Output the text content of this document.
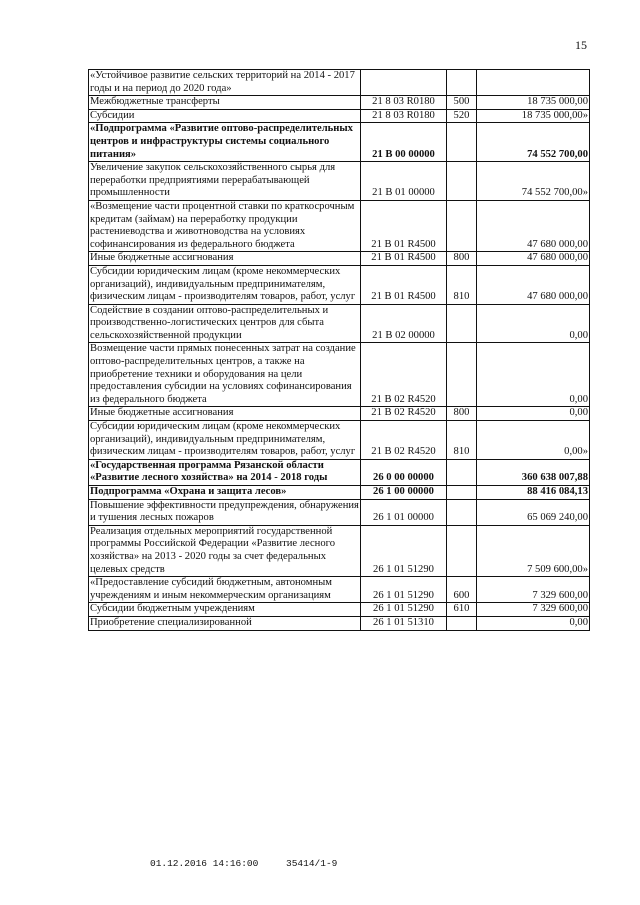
15
«Устойчивое развитие сельских территорий на 2014 - 2017 годы и на период до 2020 года»			
Межбюджетные трансферты	21 8 03 R0180	500	18 735 000,00
Субсидии	21 8 03 R0180	520	18 735 000,00»
«Подпрограмма «Развитие оптово-распределительных центров и инфраструктуры системы социального питания»	21 B 00 00000		74 552 700,00
Увеличение закупок сельскохозяйственного сырья для переработки предприятиями перерабатывающей промышленности	21 B 01 00000		74 552 700,00»
«Возмещение части процентной ставки по краткосрочным кредитам (займам) на переработку продукции растениеводства и животноводства на условиях софинансирования из федерального бюджета	21 B 01 R4500		47 680 000,00
Иные бюджетные ассигнования	21 B 01 R4500	800	47 680 000,00
Субсидии юридическим лицам (кроме некоммерческих организаций), индивидуальным предпринимателям, физическим лицам - производителям товаров, работ, услуг	21 B 01 R4500	810	47 680 000,00
Содействие в создании оптово-распределительных и производственно-логистических центров для сбыта сельскохозяйственной продукции	21 B 02 00000		0,00
Возмещение части прямых понесенных затрат на создание оптово-распределительных центров, а также на приобретение техники и оборудования на цели предоставления субсидии на условиях софинансирования из федерального бюджета	21 B 02 R4520		0,00
Иные бюджетные ассигнования	21 B 02 R4520	800	0,00
Субсидии юридическим лицам (кроме некоммерческих организаций), индивидуальным предпринимателям, физическим лицам - производителям товаров, работ, услуг	21 B 02 R4520	810	0,00»
«Государственная программа Рязанской области «Развитие лесного хозяйства» на 2014 - 2018 годы	26 0 00 00000		360 638 007,88
Подпрограмма «Охрана и защита лесов»	26 1 00 00000		88 416 084,13
Повышение эффективности предупреждения, обнаружения и тушения лесных пожаров	26 1 01 00000		65 069 240,00
Реализация отдельных мероприятий государственной программы Российской Федерации «Развитие лесного хозяйства» на 2013 - 2020 годы за счет федеральных целевых средств	26 1 01 51290		7 509 600,00»
«Предоставление субсидий бюджетным, автономным учреждениям и иным некоммерческим организациям	26 1 01 51290	600	7 329 600,00
Субсидии бюджетным учреждениям	26 1 01 51290	610	7 329 600,00
Приобретение специализированной	26 1 01 51310		0,00
01.12.2016 14:16:00	35414/1-9
